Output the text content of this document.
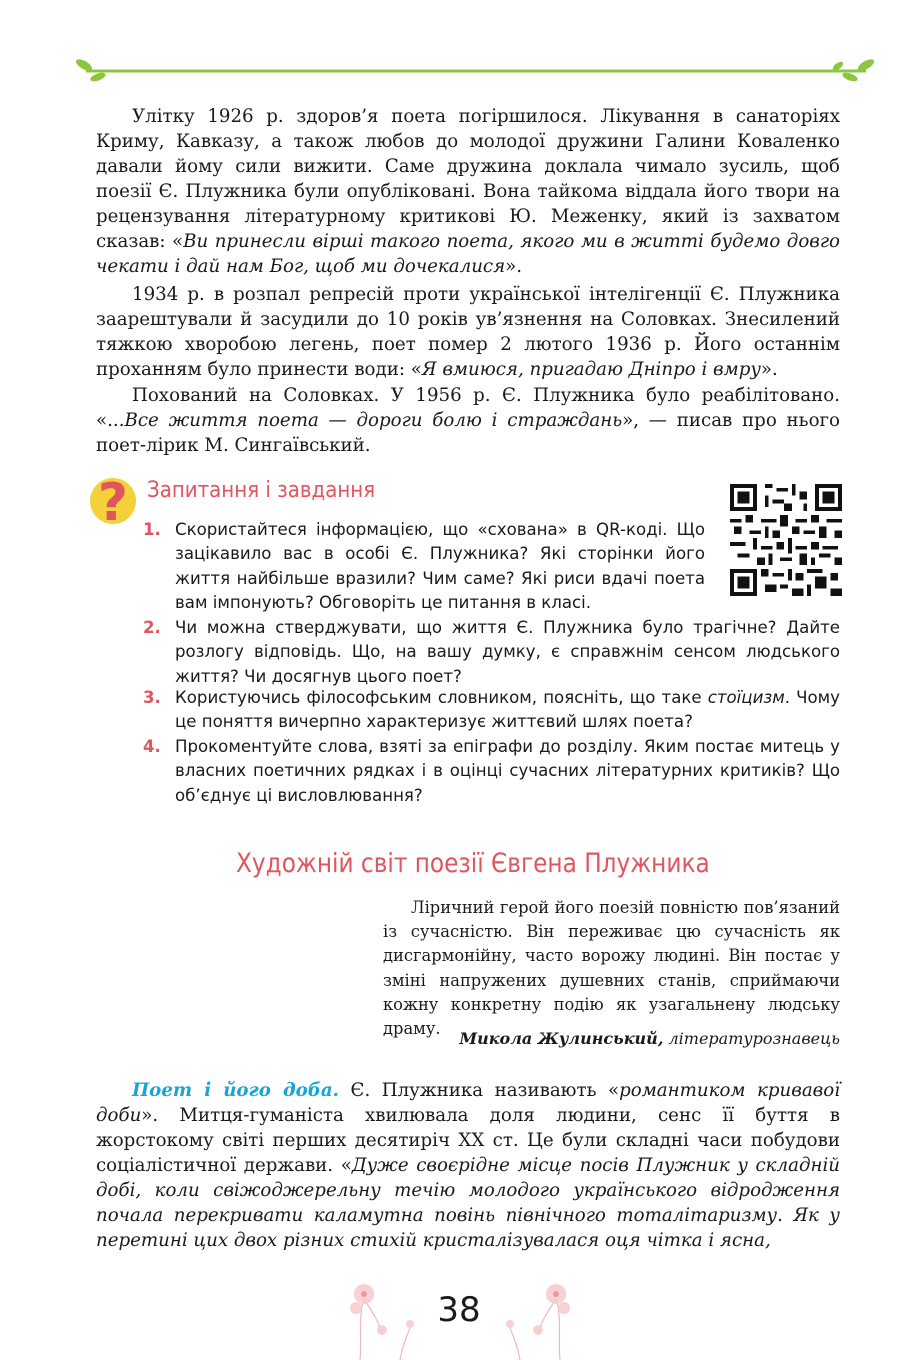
Улітку 1926 р. здоров’я поета погіршилося. Лікування в санаторіях Криму, Кавказу, а також любов до молодої дружини Галини Коваленко давали йому сили вижити. Саме дружина доклала чимало зусиль, щоб поезії Є. Плужника були опубліковані. Вона тайкома віддала його твори на рецензування літературному критикові Ю. Меженку, який із захватом сказав: «Ви принесли вірші такого поета, якого ми в житті будемо довго чекати і дай нам Бог, щоб ми дочекалися».

1934 р. в розпал репресій проти української інтелігенції Є. Плужника заарештували й засудили до 10 років ув’язнення на Соловках. Знесилений тяжкою хворобою легень, поет помер 2 лютого 1936 р. Його останнім проханням було принести води: «Я вмиюся, пригадаю Дніпро і вмру».

Похований на Соловках. У 1956 р. Є. Плужника було реабілітовано. «...Все життя поета — дороги болю і страждань», — писав про нього поет-лірик М. Сингаївський.

? Запитання і завдання
1. Скористайтеся інформацією, що «схована» в QR-коді. Що зацікавило вас в особі Є. Плужника? Які сторінки його життя найбільше вразили? Чим саме? Які риси вдачі поета вам імпонують? Обговоріть це питання в класі.
2. Чи можна стверджувати, що життя Є. Плужника було трагічне? Дайте розлогу відповідь. Що, на вашу думку, є справжнім сенсом людського життя? Чи досягнув цього поет?
3. Користуючись філософським словником, поясніть, що таке стоїцизм. Чому це поняття вичерпно характеризує життєвий шлях поета?
4. Прокоментуйте слова, взяті за епіграфи до розділу. Яким постає митець у власних поетичних рядках і в оцінці сучасних літературних критиків? Що об’єднує ці висловлювання?
Художній світ поезії Євгена Плужника

Ліричний герой його поезій повністю пов’язаний із сучасністю. Він переживає цю сучасність як дисгармонійну, часто ворожу людині. Він постає у зміні напружених душевних станів, сприймаючи кожну конкретну подію як узагальнену людську драму.

Микола Жулинський, літературознавець

Поет і його доба. Є. Плужника називають «романтиком кривавої доби». Митця-гуманіста хвилювала доля людини, сенс її буття в жорстокому світі перших десятиріч ХХ ст. Це були складні часи побудови соціалістичної держави. «Дуже своєрідне місце посів Плужник у складній добі, коли свіжоджерельну течію молодого українського відродження почала перекривати каламутна повінь північного тоталітаризму. Як у перетині цих двох різних стихій кристалізувалася оця чітка і ясна,

38
